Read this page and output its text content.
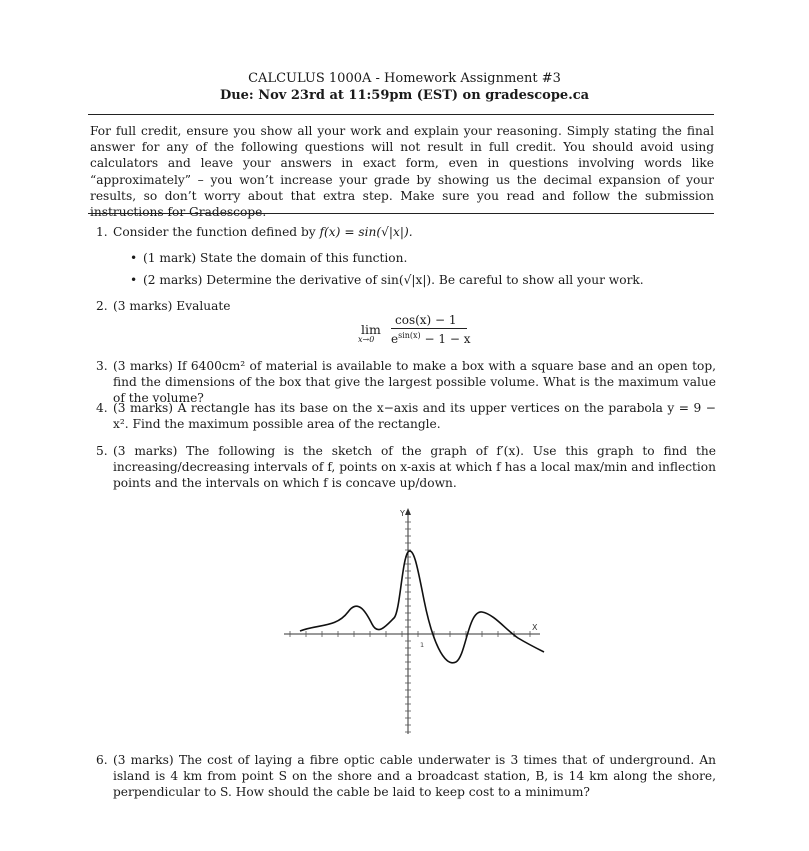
CALCULUS 1000A - Homework Assignment #3
Due: Nov 23rd at 11:59pm (EST) on gradescope.ca
For full credit, ensure you show all your work and explain your reasoning. Simply stating the final answer for any of the following questions will not result in full credit. You should avoid using calculators and leave your answers in exact form, even in questions involving words like “approximately” – you won’t increase your grade by showing us the decimal expansion of your results, so don’t worry about that extra step. Make sure you read and follow the submission instructions for Gradescope.
1. Consider the function defined by f(x) = sin(√|x|).
• (1 mark) State the domain of this function.
• (2 marks) Determine the derivative of sin(√|x|). Be careful to show all your work.
2. (3 marks) Evaluate
lim
x→0
cos(x) − 1
$e^{sin(x)} - 1 - x$
3. (3 marks) If 6400cm² of material is available to make a box with a square base and an open top, find the dimensions of the box that give the largest possible volume. What is the maximum value of the volume?
4. (3 marks) A rectangle has its base on the x−axis and its upper vertices on the parabola y = 9 − x². Find the maximum possible area of the rectangle.
5. (3 marks) The following is the sketch of the graph of f′(x). Use this graph to find the increasing/decreasing intervals of f, points on x-axis at which f has a local max/min and inflection points and the intervals on which f is concave up/down.
Y
X
1
6. (3 marks) The cost of laying a fibre optic cable underwater is 3 times that of underground. An island is 4 km from point S on the shore and a broadcast station, B, is 14 km along the shore, perpendicular to S. How should the cable be laid to keep cost to a minimum?
